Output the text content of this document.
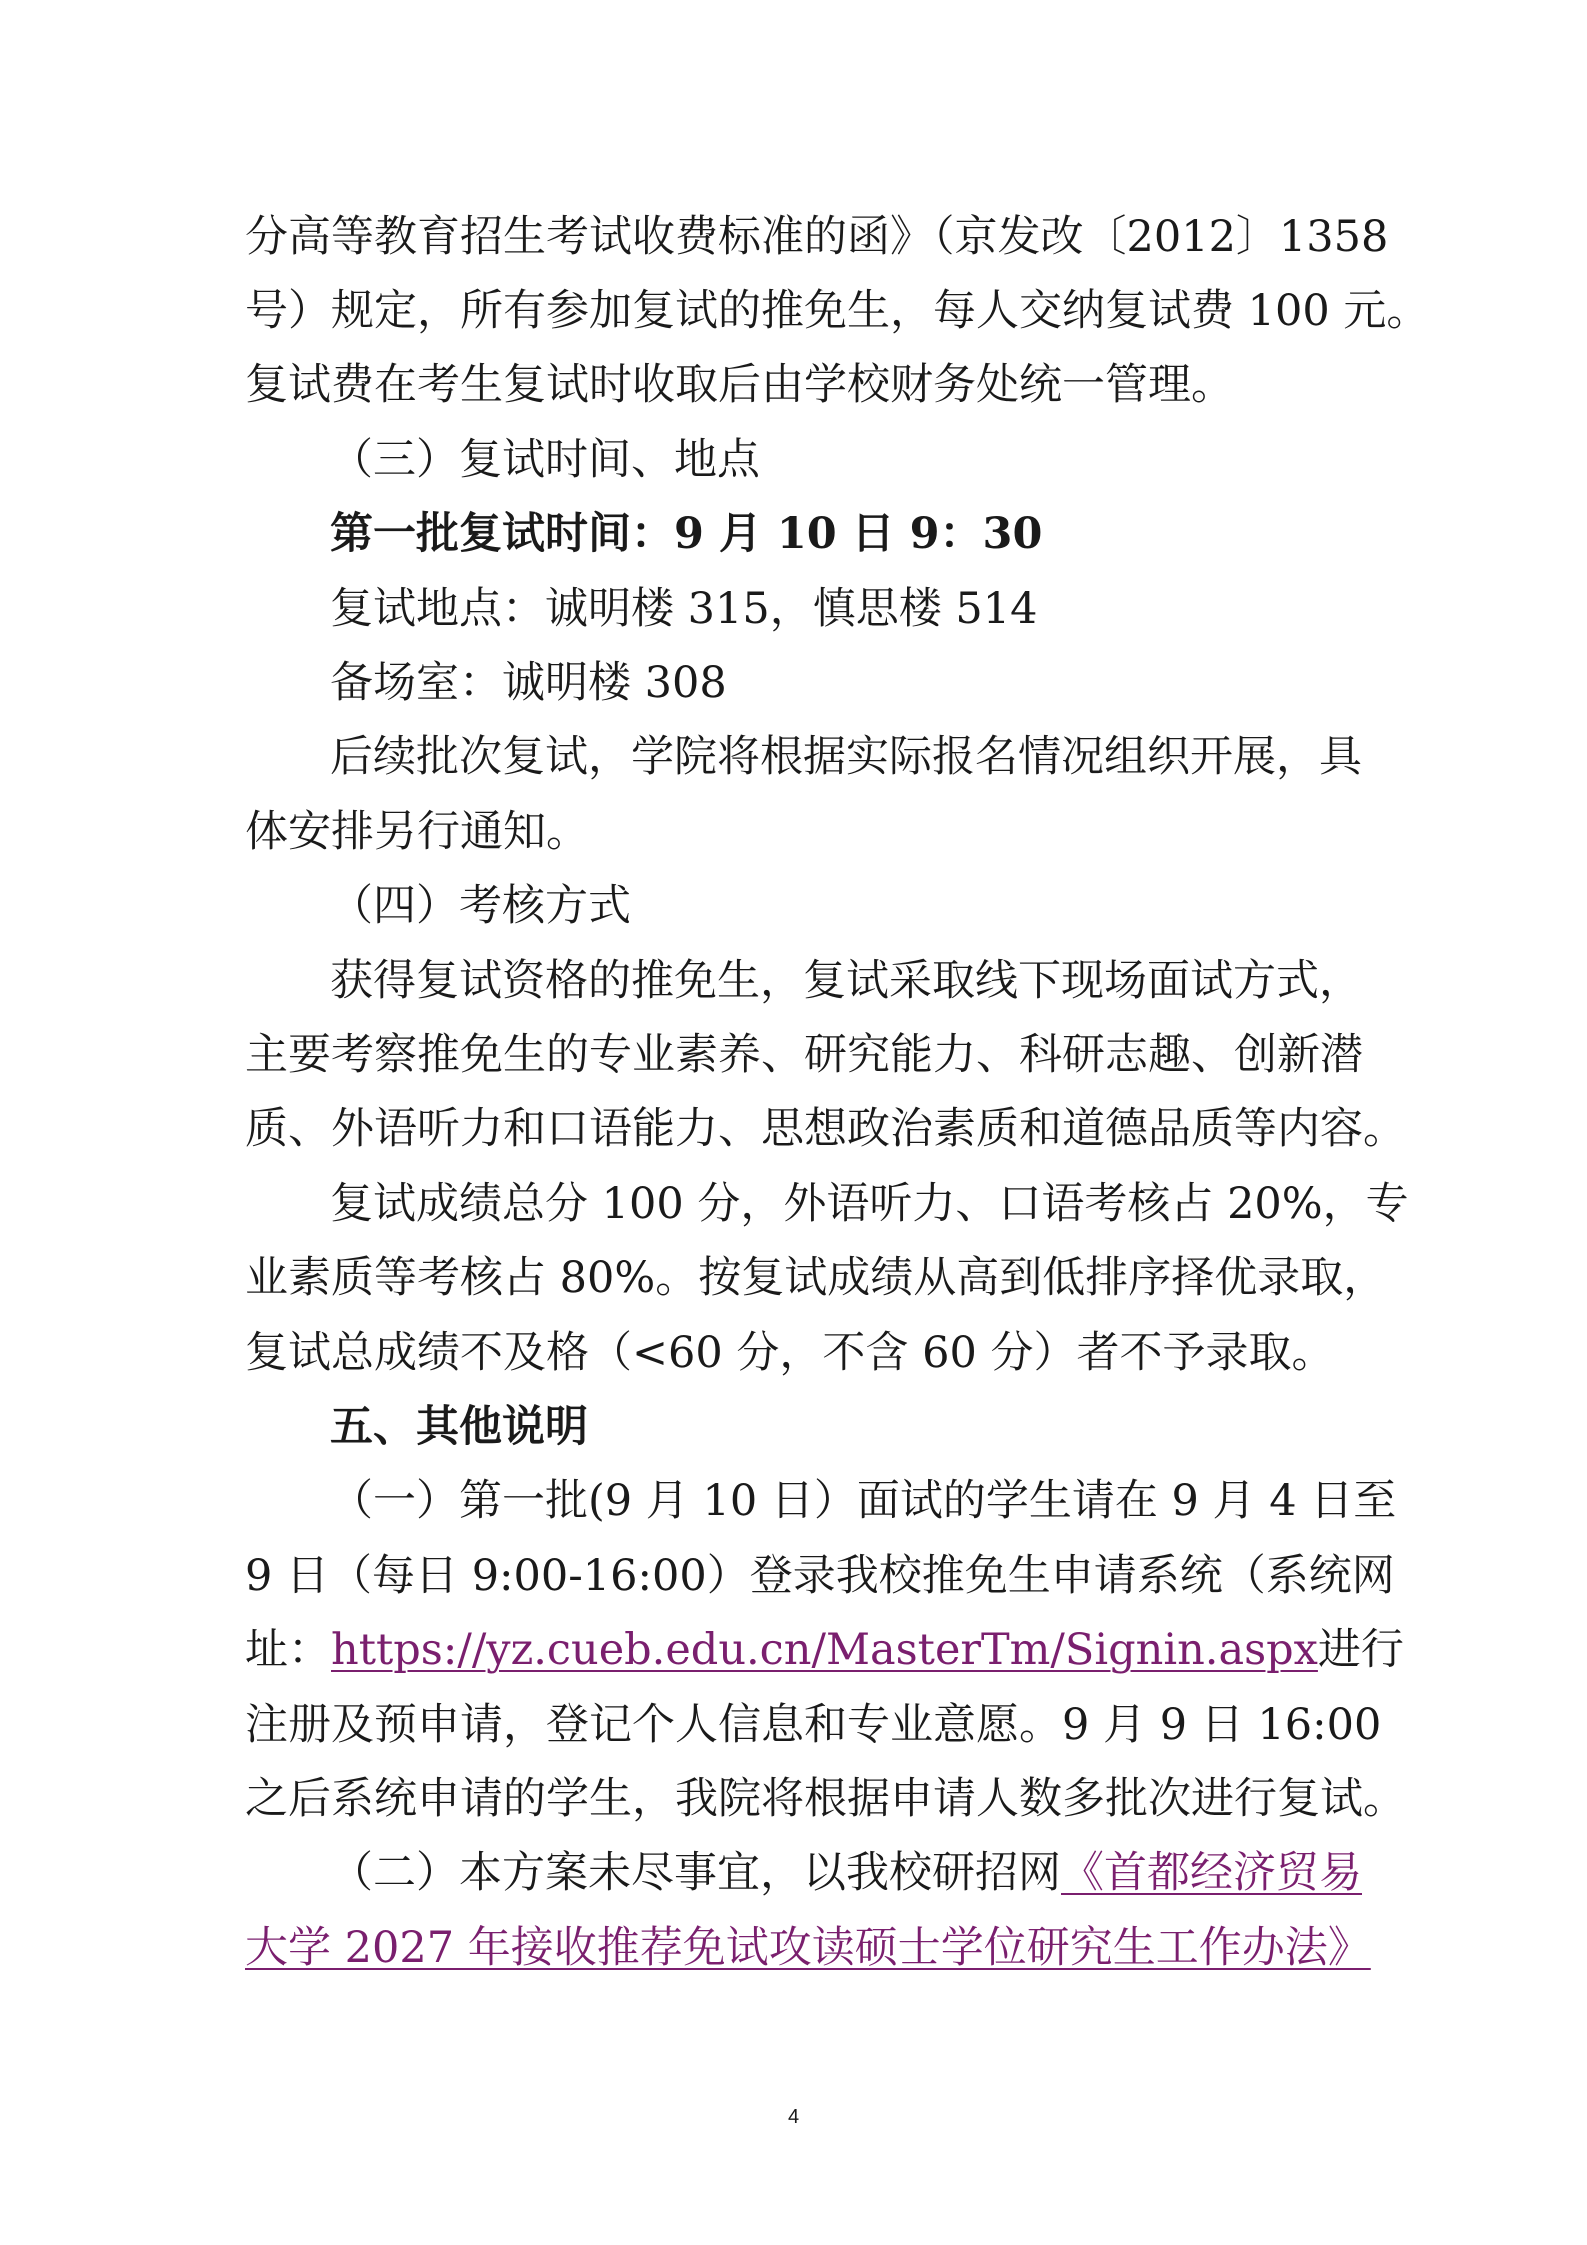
分高等教育招生考试收费标准的函》（京发改〔2012〕1358

号）规定，所有参加复试的推免生，每人交纳复试费 100 元。

复试费在考生复试时收取后由学校财务处统一管理。

（三）复试时间、地点

第一批复试时间：9 月 10 日 9：30

复试地点：诚明楼 315，慎思楼 514

备场室：诚明楼 308

后续批次复试，学院将根据实际报名情况组织开展，具

体安排另行通知。

（四）考核方式

获得复试资格的推免生，复试采取线下现场面试方式，

主要考察推免生的专业素养、研究能力、科研志趣、创新潜

质、外语听力和口语能力、思想政治素质和道德品质等内容。

复试成绩总分 100 分，外语听力、口语考核占 20%，专

业素质等考核占 80%。按复试成绩从高到低排序择优录取，

复试总成绩不及格（<60 分，不含 60 分）者不予录取。

五、其他说明

（一）第一批(9 月 10 日）面试的学生请在 9 月 4 日至

9 日（每日 9:00-16:00）登录我校推免生申请系统（系统网

址：https://yz.cueb.edu.cn/MasterTm/Signin.aspx进行

注册及预申请，登记个人信息和专业意愿。9 月 9 日 16:00

之后系统申请的学生，我院将根据申请人数多批次进行复试。

（二）本方案未尽事宜，以我校研招网《首都经济贸易

大学 2027 年接收推荐免试攻读硕士学位研究生工作办法》

4
